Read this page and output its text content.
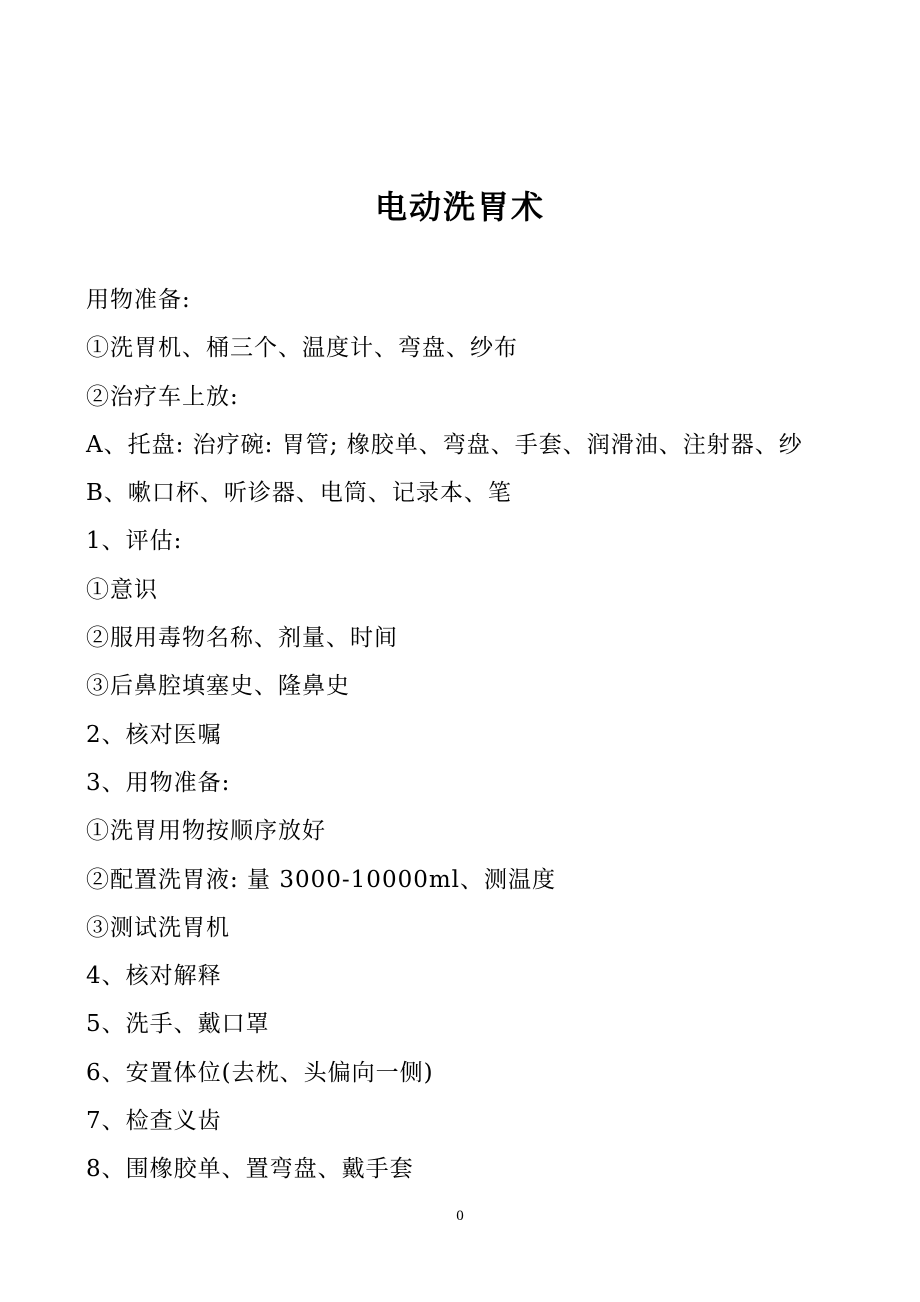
电动洗胃术
用物准备:
①洗胃机、桶三个、温度计、弯盘、纱布
②治疗车上放:
A、托盘: 治疗碗: 胃管; 橡胶单、弯盘、手套、润滑油、注射器、纱
B、嗽口杯、听诊器、电筒、记录本、笔
1、评估:
①意识
②服用毒物名称、剂量、时间
③后鼻腔填塞史、隆鼻史
2、核对医嘱
3、用物准备:
①洗胃用物按顺序放好
②配置洗胃液: 量 3000-10000ml、测温度
③测试洗胃机
4、核对解释
5、洗手、戴口罩
6、安置体位(去枕、头偏向一侧)
7、检查义齿
8、围橡胶单、置弯盘、戴手套
0
